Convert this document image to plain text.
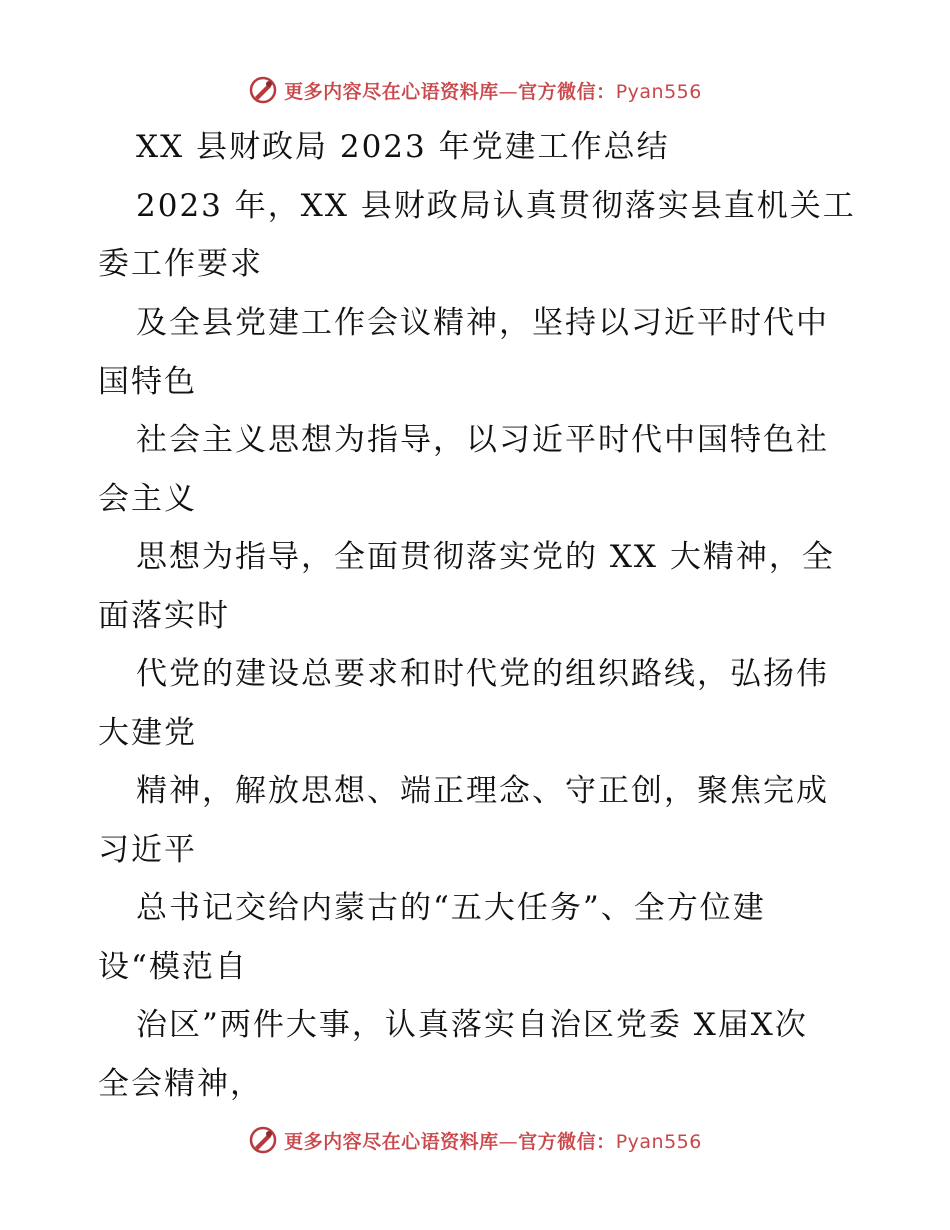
更多内容尽在心语资料库—官方微信：Pyan556
XX 县财政局 2023 年党建工作总结
2023 年，XX 县财政局认真贯彻落实县直机关工
委工作要求
及全县党建工作会议精神，坚持以习近平时代中
国特色
社会主义思想为指导，以习近平时代中国特色社
会主义
思想为指导，全面贯彻落实党的 XX 大精神，全
面落实时
代党的建设总要求和时代党的组织路线，弘扬伟
大建党
精神，解放思想、端正理念、守正创，聚焦完成
习近平
总书记交给内蒙古的“五大任务”、全方位建
设“模范自
治区”两件大事，认真落实自治区党委 X届X次
全会精神，
更多内容尽在心语资料库—官方微信：Pyan556
